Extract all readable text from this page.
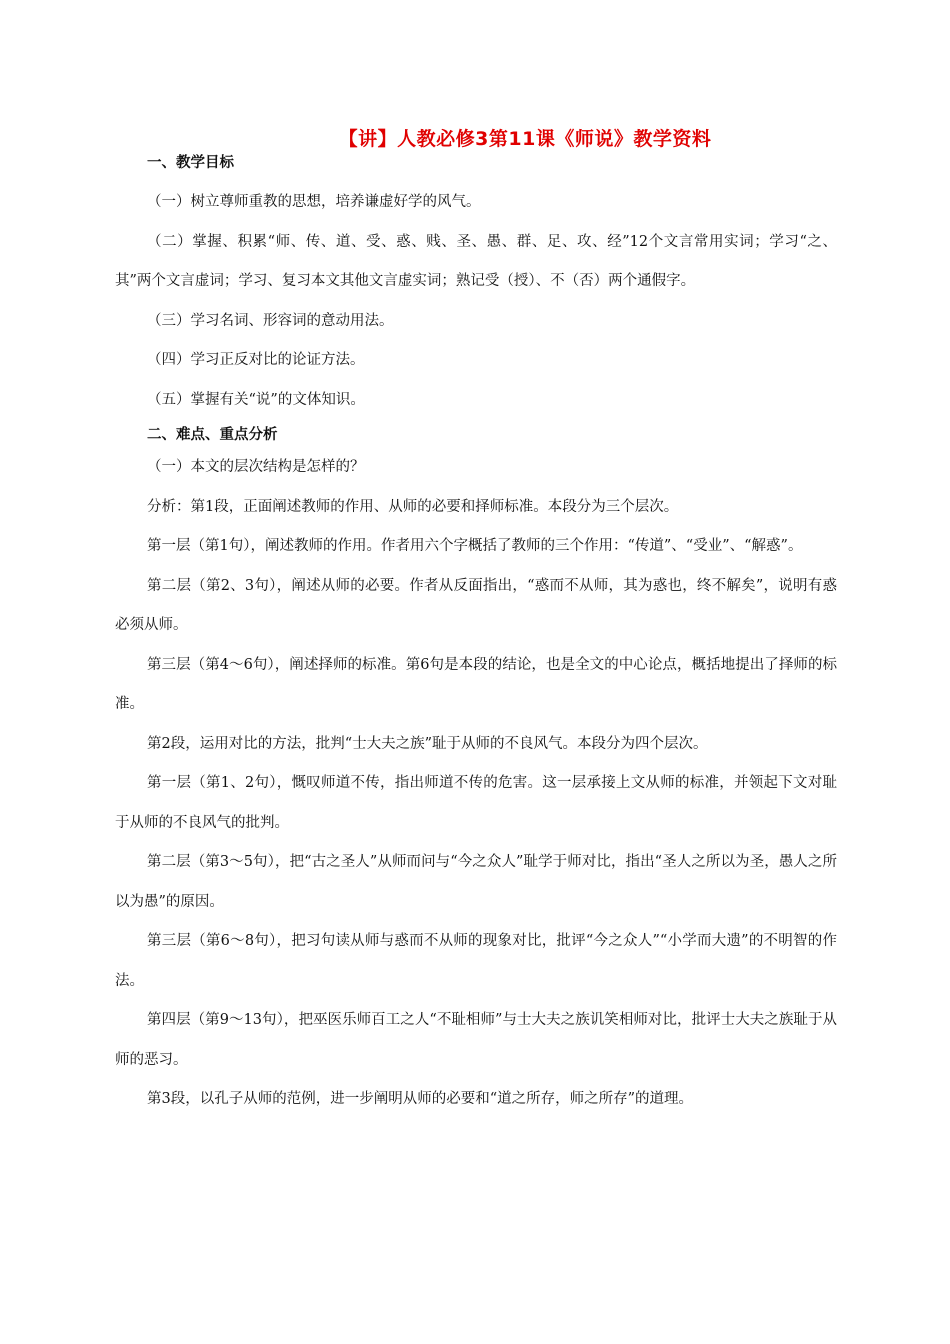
【讲】人教必修3第11课《师说》教学资料

一、教学目标

（一）树立尊师重教的思想，培养谦虚好学的风气。

（二）掌握、积累“师、传、道、受、惑、贱、圣、愚、群、足、攻、经”12个文言常用实词；学习“之、其”两个文言虚词；学习、复习本文其他文言虚实词；熟记受（授）、不（否）两个通假字。

（三）学习名词、形容词的意动用法。

（四）学习正反对比的论证方法。

（五）掌握有关“说”的文体知识。

二、难点、重点分析

（一）本文的层次结构是怎样的？

分析：第1段，正面阐述教师的作用、从师的必要和择师标准。本段分为三个层次。

第一层（第1句），阐述教师的作用。作者用六个字概括了教师的三个作用：“传道”、“受业”、“解惑”。

第二层（第2、3句），阐述从师的必要。作者从反面指出，“惑而不从师，其为惑也，终不解矣”，说明有惑必须从师。

第三层（第4～6句），阐述择师的标准。第6句是本段的结论，也是全文的中心论点，概括地提出了择师的标准。

第2段，运用对比的方法，批判“士大夫之族”耻于从师的不良风气。本段分为四个层次。

第一层（第1、2句），慨叹师道不传，指出师道不传的危害。这一层承接上文从师的标准，并领起下文对耻于从师的不良风气的批判。

第二层（第3～5句），把“古之圣人”从师而问与“今之众人”耻学于师对比，指出“圣人之所以为圣，愚人之所以为愚”的原因。

第三层（第6～8句），把习句读从师与惑而不从师的现象对比，批评“今之众人”“小学而大遗”的不明智的作法。

第四层（第9～13句），把巫医乐师百工之人“不耻相师”与士大夫之族讥笑相师对比，批评士大夫之族耻于从师的恶习。

第3段，以孔子从师的范例，进一步阐明从师的必要和“道之所存，师之所存”的道理。
